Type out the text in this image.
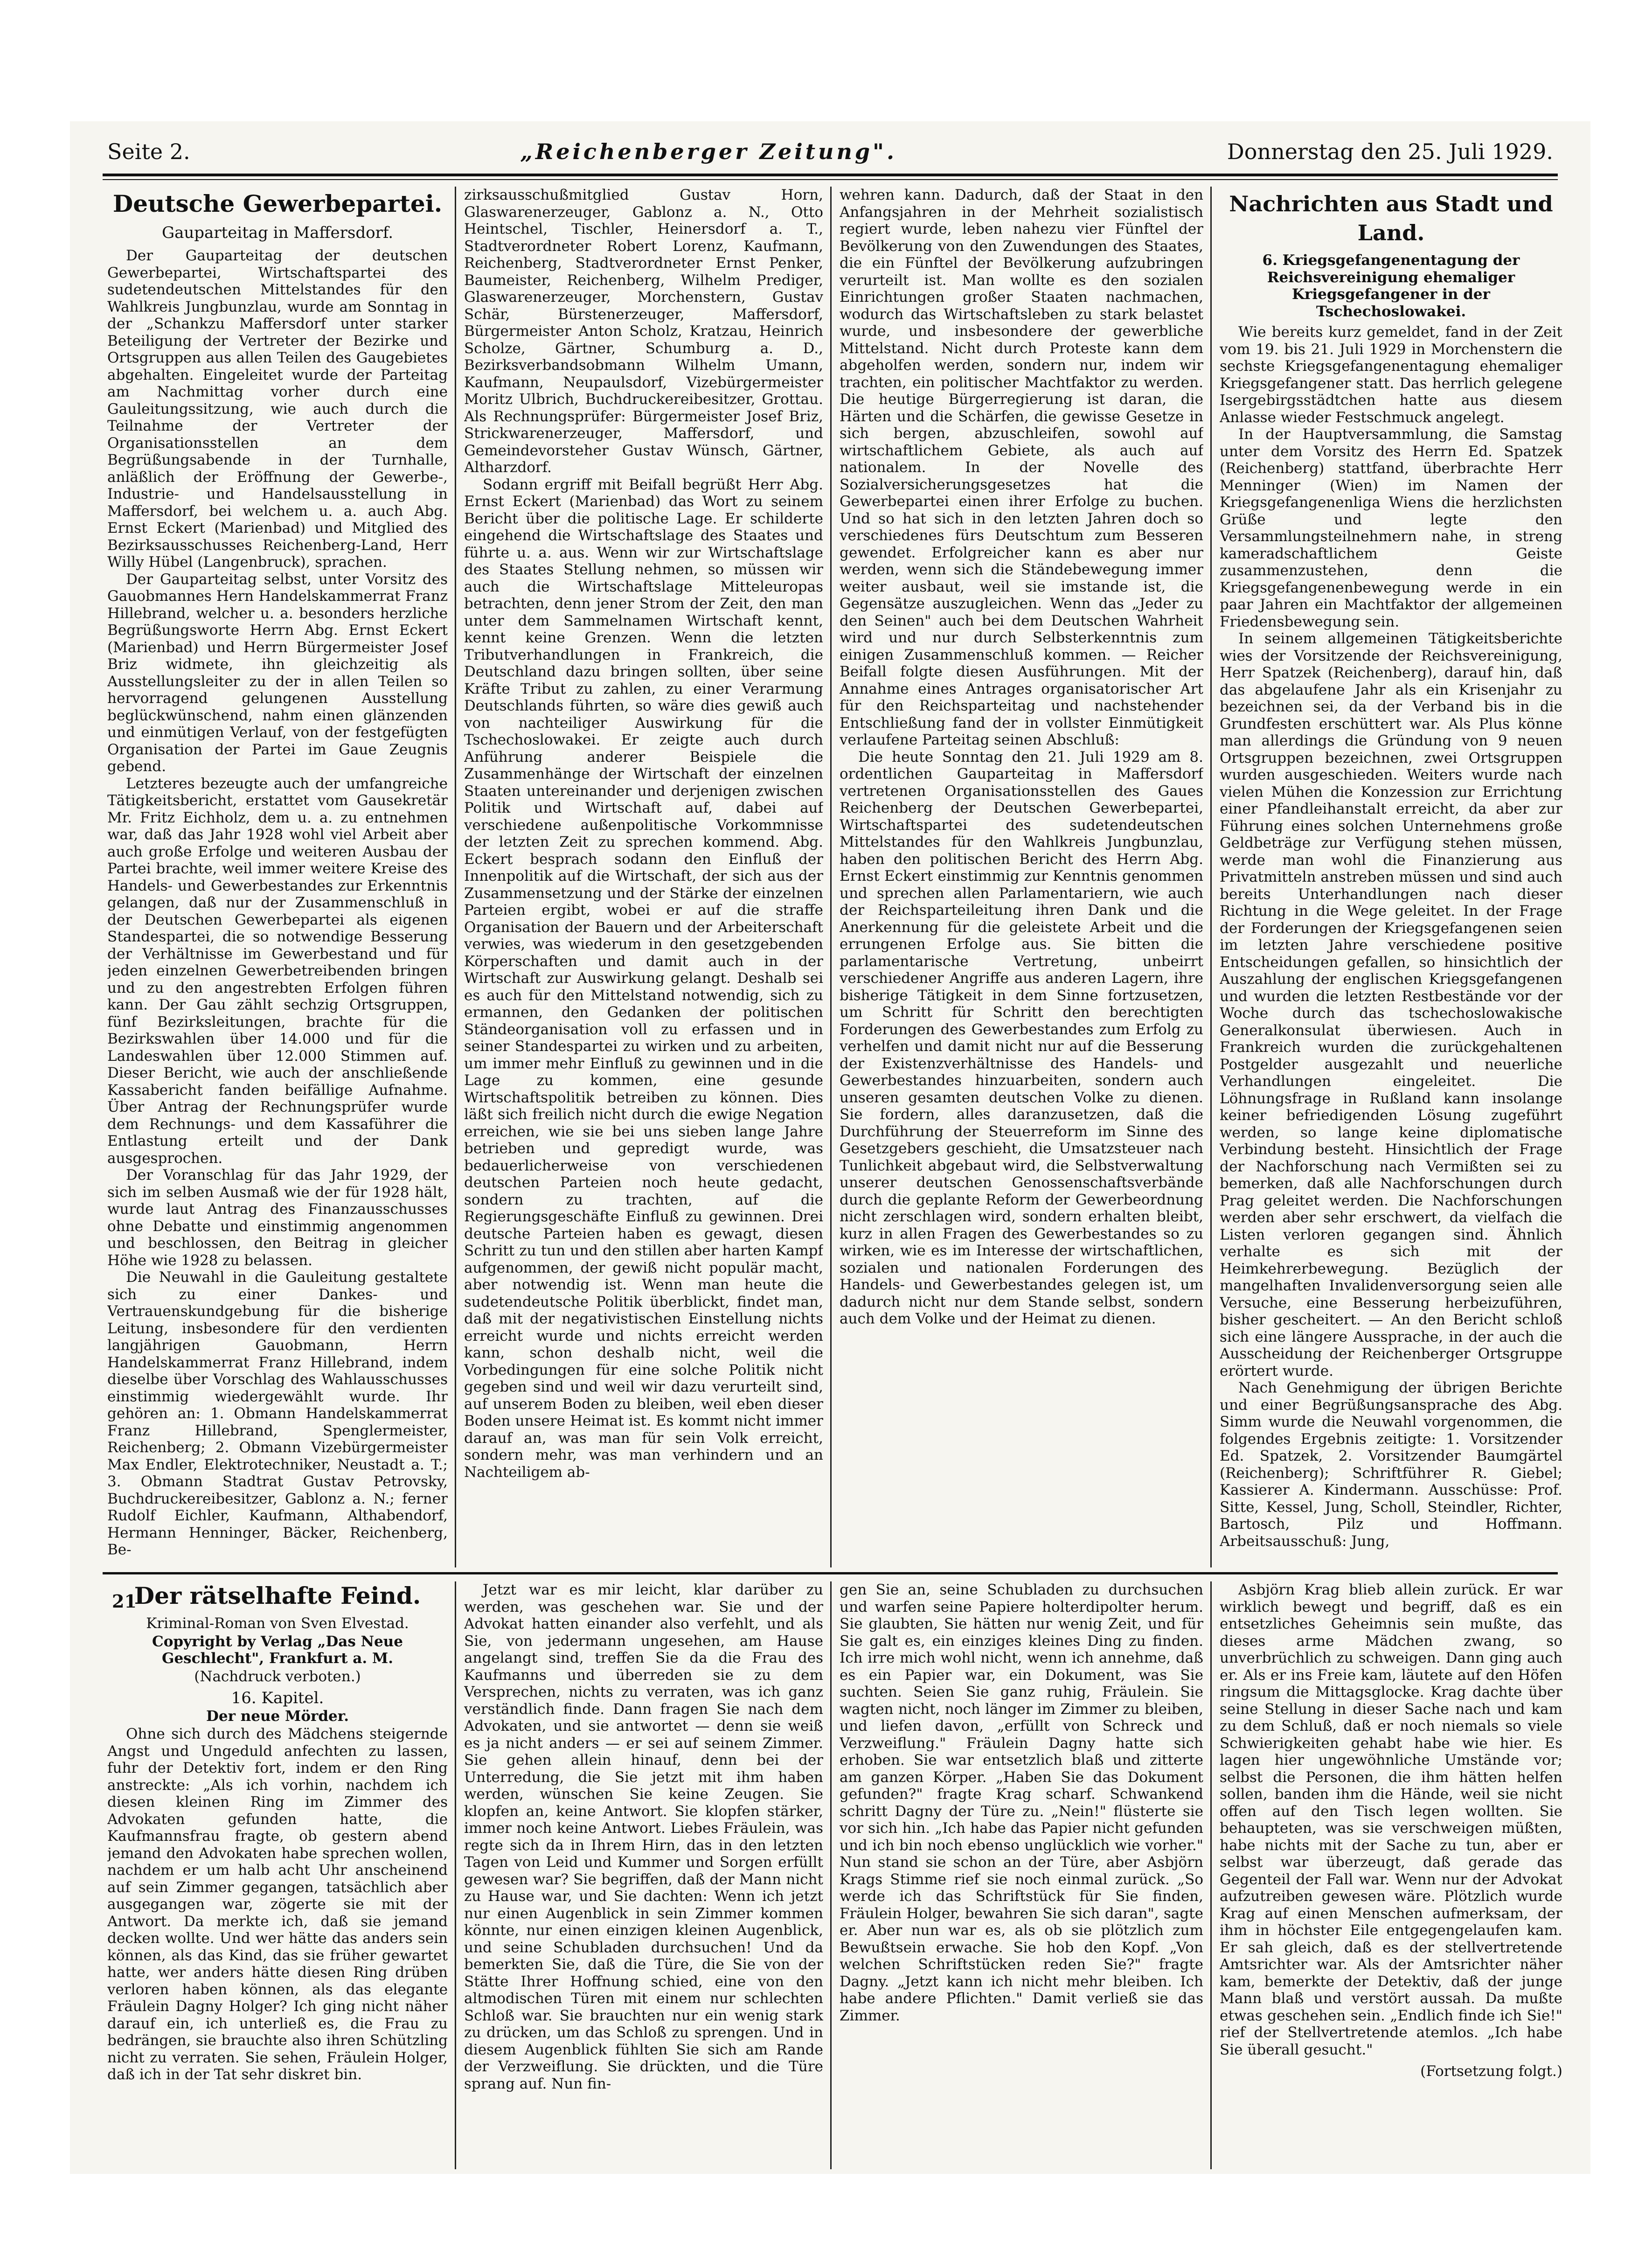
Seite 2.	„Reichenberger Zeitung".	Donnerstag den 25. Juli 1929.
Deutsche Gewerbepartei.
Gauparteitag in Maffersdorf.

Der Gauparteitag der deutschen Gewerbepartei, Wirtschaftspartei des sudetendeutschen Mittelstandes für den Wahlkreis Jungbunzlau, wurde am Sonntag in der „Schankzu Maffersdorf unter starker Beteiligung der Vertreter der Bezirke und Ortsgruppen aus allen Teilen des Gaugebietes abgehalten. Eingeleitet wurde der Parteitag am Nachmittag vorher durch eine Gauleitungssitzung, wie auch durch die Teilnahme der Vertreter der Organisationsstellen an dem Begrüßungsabende in der Turnhalle, anläßlich der Eröffnung der Gewerbe-, Industrie- und Handelsausstellung in Maffersdorf, bei welchem u. a. auch Abg. Ernst Eckert (Marienbad) und Mitglied des Bezirksausschusses Reichenberg-Land, Herr Willy Hübel (Langenbruck), sprachen.

Der Gauparteitag selbst, unter Vorsitz des Gauobmannes Hern Handelskammerrat Franz Hillebrand, welcher u. a. besonders herzliche Begrüßungsworte Herrn Abg. Ernst Eckert (Marienbad) und Herrn Bürgermeister Josef Briz widmete, ihn gleichzeitig als Ausstellungsleiter zu der in allen Teilen so hervorragend gelungenen Ausstellung beglückwünschend, nahm einen glänzenden und einmütigen Verlauf, von der festgefügten Organisation der Partei im Gaue Zeugnis gebend.

Letzteres bezeugte auch der umfangreiche Tätigkeitsbericht, erstattet vom Gausekretär Mr. Fritz Eichholz, dem u. a. zu entnehmen war, daß das Jahr 1928 wohl viel Arbeit aber auch große Erfolge und weiteren Ausbau der Partei brachte, weil immer weitere Kreise des Handels- und Gewerbestandes zur Erkenntnis gelangen, daß nur der Zusammenschluß in der Deutschen Gewerbepartei als eigenen Standespartei, die so notwendige Besserung der Verhältnisse im Gewerbestand und für jeden einzelnen Gewerbetreibenden bringen und zu den angestrebten Erfolgen führen kann. Der Gau zählt sechzig Ortsgruppen, fünf Bezirksleitungen, brachte für die Bezirkswahlen über 14.000 und für die Landeswahlen über 12.000 Stimmen auf. Dieser Bericht, wie auch der anschließende Kassabericht fanden beifällige Aufnahme. Über Antrag der Rechnungsprüfer wurde dem Rechnungs- und dem Kassaführer die Entlastung erteilt und der Dank ausgesprochen.

Der Voranschlag für das Jahr 1929, der sich im selben Ausmaß wie der für 1928 hält, wurde laut Antrag des Finanzausschusses ohne Debatte und einstimmig angenommen und beschlossen, den Beitrag in gleicher Höhe wie 1928 zu belassen.

Die Neuwahl in die Gauleitung gestaltete sich zu einer Dankes- und Vertrauenskundgebung für die bisherige Leitung, insbesondere für den verdienten langjährigen Gauobmann, Herrn Handelskammerrat Franz Hillebrand, indem dieselbe über Vorschlag des Wahlausschusses einstimmig wiedergewählt wurde. Ihr gehören an: 1. Obmann Handelskammerrat Franz Hillebrand, Spenglermeister, Reichenberg; 2. Obmann Vizebürgermeister Max Endler, Elektrotechniker, Neustadt a. T.; 3. Obmann Stadtrat Gustav Petrovsky, Buchdruckereibesitzer, Gablonz a. N.; ferner Rudolf Eichler, Kaufmann, Althabendorf, Hermann Henninger, Bäcker, Reichenberg, Be-

zirksausschußmitglied Gustav Horn, Glaswarenerzeuger, Gablonz a. N., Otto Heintschel, Tischler, Heinersdorf a. T., Stadtverordneter Robert Lorenz, Kaufmann, Reichenberg, Stadtverordneter Ernst Penker, Baumeister, Reichenberg, Wilhelm Prediger, Glaswarenerzeuger, Morchenstern, Gustav Schär, Bürstenerzeuger, Maffersdorf, Bürgermeister Anton Scholz, Kratzau, Heinrich Scholze, Gärtner, Schumburg a. D., Bezirksverbandsobmann Wilhelm Umann, Kaufmann, Neupaulsdorf, Vizebürgermeister Moritz Ulbrich, Buchdruckereibesitzer, Grottau. Als Rechnungsprüfer: Bürgermeister Josef Briz, Strickwarenerzeuger, Maffersdorf, und Gemeindevorsteher Gustav Wünsch, Gärtner, Altharzdorf.

Sodann ergriff mit Beifall begrüßt Herr Abg. Ernst Eckert (Marienbad) das Wort zu seinem Bericht über die politische Lage. Er schilderte eingehend die Wirtschaftslage des Staates und führte u. a. aus. Wenn wir zur Wirtschaftslage des Staates Stellung nehmen, so müssen wir auch die Wirtschaftslage Mitteleuropas betrachten, denn jener Strom der Zeit, den man unter dem Sammelnamen Wirtschaft kennt, kennt keine Grenzen. Wenn die letzten Tributverhandlungen in Frankreich, die Deutschland dazu bringen sollten, über seine Kräfte Tribut zu zahlen, zu einer Verarmung Deutschlands führten, so wäre dies gewiß auch von nachteiliger Auswirkung für die Tschechoslowakei. Er zeigte auch durch Anführung anderer Beispiele die Zusammenhänge der Wirtschaft der einzelnen Staaten untereinander und derjenigen zwischen Politik und Wirtschaft auf, dabei auf verschiedene außenpolitische Vorkommnisse der letzten Zeit zu sprechen kommend. Abg. Eckert besprach sodann den Einfluß der Innenpolitik auf die Wirtschaft, der sich aus der Zusammensetzung und der Stärke der einzelnen Parteien ergibt, wobei er auf die straffe Organisation der Bauern und der Arbeiterschaft verwies, was wiederum in den gesetzgebenden Körperschaften und damit auch in der Wirtschaft zur Auswirkung gelangt. Deshalb sei es auch für den Mittelstand notwendig, sich zu ermannen, den Gedanken der politischen Ständeorganisation voll zu erfassen und in seiner Standespartei zu wirken und zu arbeiten, um immer mehr Einfluß zu gewinnen und in die Lage zu kommen, eine gesunde Wirtschaftspolitik betreiben zu können. Dies läßt sich freilich nicht durch die ewige Negation erreichen, wie sie bei uns sieben lange Jahre betrieben und gepredigt wurde, was bedauerlicherweise von verschiedenen deutschen Parteien noch heute gedacht, sondern zu trachten, auf die Regierungsgeschäfte Einfluß zu gewinnen. Drei deutsche Parteien haben es gewagt, diesen Schritt zu tun und den stillen aber harten Kampf aufgenommen, der gewiß nicht populär macht, aber notwendig ist. Wenn man heute die sudetendeutsche Politik überblickt, findet man, daß mit der negativistischen Einstellung nichts erreicht wurde und nichts erreicht werden kann, schon deshalb nicht, weil die Vorbedingungen für eine solche Politik nicht gegeben sind und weil wir dazu verurteilt sind, auf unserem Boden zu bleiben, weil eben dieser Boden unsere Heimat ist. Es kommt nicht immer darauf an, was man für sein Volk erreicht, sondern mehr, was man verhindern und an Nachteiligem ab-

wehren kann. Dadurch, daß der Staat in den Anfangsjahren in der Mehrheit sozialistisch regiert wurde, leben nahezu vier Fünftel der Bevölkerung von den Zuwendungen des Staates, die ein Fünftel der Bevölkerung aufzubringen verurteilt ist. Man wollte es den sozialen Einrichtungen großer Staaten nachmachen, wodurch das Wirtschaftsleben zu stark belastet wurde, und insbesondere der gewerbliche Mittelstand. Nicht durch Proteste kann dem abgeholfen werden, sondern nur, indem wir trachten, ein politischer Machtfaktor zu werden. Die heutige Bürgerregierung ist daran, die Härten und die Schärfen, die gewisse Gesetze in sich bergen, abzuschleifen, sowohl auf wirtschaftlichem Gebiete, als auch auf nationalem. In der Novelle des Sozialversicherungsgesetzes hat die Gewerbepartei einen ihrer Erfolge zu buchen. Und so hat sich in den letzten Jahren doch so verschiedenes fürs Deutschtum zum Besseren gewendet. Erfolgreicher kann es aber nur werden, wenn sich die Ständebewegung immer weiter ausbaut, weil sie imstande ist, die Gegensätze auszugleichen. Wenn das „Jeder zu den Seinen" auch bei dem Deutschen Wahrheit wird und nur durch Selbsterkenntnis zum einigen Zusammenschluß kommen. — Reicher Beifall folgte diesen Ausführungen. Mit der Annahme eines Antrages organisatorischer Art für den Reichsparteitag und nachstehender Entschließung fand der in vollster Einmütigkeit verlaufene Parteitag seinen Abschluß:

Die heute Sonntag den 21. Juli 1929 am 8. ordentlichen Gauparteitag in Maffersdorf vertretenen Organisationsstellen des Gaues Reichenberg der Deutschen Gewerbepartei, Wirtschaftspartei des sudetendeutschen Mittelstandes für den Wahlkreis Jungbunzlau, haben den politischen Bericht des Herrn Abg. Ernst Eckert einstimmig zur Kenntnis genommen und sprechen allen Parlamentariern, wie auch der Reichsparteileitung ihren Dank und die Anerkennung für die geleistete Arbeit und die errungenen Erfolge aus. Sie bitten die parlamentarische Vertretung, unbeirrt verschiedener Angriffe aus anderen Lagern, ihre bisherige Tätigkeit in dem Sinne fortzusetzen, um Schritt für Schritt den berechtigten Forderungen des Gewerbestandes zum Erfolg zu verhelfen und damit nicht nur auf die Besserung der Existenzverhältnisse des Handels- und Gewerbestandes hinzuarbeiten, sondern auch unseren gesamten deutschen Volke zu dienen. Sie fordern, alles daranzusetzen, daß die Durchführung der Steuerreform im Sinne des Gesetzgebers geschieht, die Umsatzsteuer nach Tunlichkeit abgebaut wird, die Selbstverwaltung unserer deutschen Genossenschaftsverbände durch die geplante Reform der Gewerbeordnung nicht zerschlagen wird, sondern erhalten bleibt, kurz in allen Fragen des Gewerbestandes so zu wirken, wie es im Interesse der wirtschaftlichen, sozialen und nationalen Forderungen des Handels- und Gewerbestandes gelegen ist, um dadurch nicht nur dem Stande selbst, sondern auch dem Volke und der Heimat zu dienen.

Nachrichten aus Stadt und Land.
6. Kriegsgefangenentagung der Reichsvereinigung ehemaliger Kriegsgefangener in der Tschechoslowakei.

Wie bereits kurz gemeldet, fand in der Zeit vom 19. bis 21. Juli 1929 in Morchenstern die sechste Kriegsgefangenentagung ehemaliger Kriegsgefangener statt. Das herrlich gelegene Isergebirgsstädtchen hatte aus diesem Anlasse wieder Festschmuck angelegt.

In der Hauptversammlung, die Samstag unter dem Vorsitz des Herrn Ed. Spatzek (Reichenberg) stattfand, überbrachte Herr Menninger (Wien) im Namen der Kriegsgefangenenliga Wiens die herzlichsten Grüße und legte den Versammlungsteilnehmern nahe, in streng kameradschaftlichem Geiste zusammenzustehen, denn die Kriegsgefangenenbewegung werde in ein paar Jahren ein Machtfaktor der allgemeinen Friedensbewegung sein.

In seinem allgemeinen Tätigkeitsberichte wies der Vorsitzende der Reichsvereinigung, Herr Spatzek (Reichenberg), darauf hin, daß das abgelaufene Jahr als ein Krisenjahr zu bezeichnen sei, da der Verband bis in die Grundfesten erschüttert war. Als Plus könne man allerdings die Gründung von 9 neuen Ortsgruppen bezeichnen, zwei Ortsgruppen wurden ausgeschieden. Weiters wurde nach vielen Mühen die Konzession zur Errichtung einer Pfandleihanstalt erreicht, da aber zur Führung eines solchen Unternehmens große Geldbeträge zur Verfügung stehen müssen, werde man wohl die Finanzierung aus Privatmitteln anstreben müssen und sind auch bereits Unterhandlungen nach dieser Richtung in die Wege geleitet. In der Frage der Forderungen der Kriegsgefangenen seien im letzten Jahre verschiedene positive Entscheidungen gefallen, so hinsichtlich der Auszahlung der englischen Kriegsgefangenen und wurden die letzten Restbestände vor der Woche durch das tschechoslowakische Generalkonsulat überwiesen. Auch in Frankreich wurden die zurückgehaltenen Postgelder ausgezahlt und neuerliche Verhandlungen eingeleitet. Die Löhnungsfrage in Rußland kann insolange keiner befriedigenden Lösung zugeführt werden, so lange keine diplomatische Verbindung besteht. Hinsichtlich der Frage der Nachforschung nach Vermißten sei zu bemerken, daß alle Nachforschungen durch Prag geleitet werden. Die Nachforschungen werden aber sehr erschwert, da vielfach die Listen verloren gegangen sind. Ähnlich verhalte es sich mit der Heimkehrerbewegung. Bezüglich der mangelhaften Invalidenversorgung seien alle Versuche, eine Besserung herbeizuführen, bisher gescheitert. — An den Bericht schloß sich eine längere Aussprache, in der auch die Ausscheidung der Reichenberger Ortsgruppe erörtert wurde.

Nach Genehmigung der übrigen Berichte und einer Begrüßungsansprache des Abg. Simm wurde die Neuwahl vorgenommen, die folgendes Ergebnis zeitigte: 1. Vorsitzender Ed. Spatzek, 2. Vorsitzender Baumgärtel (Reichenberg); Schriftführer R. Giebel; Kassierer A. Kindermann. Ausschüsse: Prof. Sitte, Kessel, Jung, Scholl, Steindler, Richter, Bartosch, Pilz und Hoffmann. Arbeitsausschuß: Jung,

21
Der rätselhafte Feind.
Kriminal-Roman von Sven Elvestad.
Copyright by Verlag „Das Neue Geschlecht", Frankfurt a. M.
(Nachdruck verboten.)
16. Kapitel.
Der neue Mörder.

Ohne sich durch des Mädchens steigernde Angst und Ungeduld anfechten zu lassen, fuhr der Detektiv fort, indem er den Ring anstreckte: „Als ich vorhin, nachdem ich diesen kleinen Ring im Zimmer des Advokaten gefunden hatte, die Kaufmannsfrau fragte, ob gestern abend jemand den Advokaten habe sprechen wollen, nachdem er um halb acht Uhr anscheinend auf sein Zimmer gegangen, tatsächlich aber ausgegangen war, zögerte sie mit der Antwort. Da merkte ich, daß sie jemand decken wollte. Und wer hätte das anders sein können, als das Kind, das sie früher gewartet hatte, wer anders hätte diesen Ring drüben verloren haben können, als das elegante Fräulein Dagny Holger? Ich ging nicht näher darauf ein, ich unterließ es, die Frau zu bedrängen, sie brauchte also ihren Schützling nicht zu verraten. Sie sehen, Fräulein Holger, daß ich in der Tat sehr diskret bin.

Jetzt war es mir leicht, klar darüber zu werden, was geschehen war. Sie und der Advokat hatten einander also verfehlt, und als Sie, von jedermann ungesehen, am Hause angelangt sind, treffen Sie da die Frau des Kaufmanns und überreden sie zu dem Versprechen, nichts zu verraten, was ich ganz verständlich finde. Dann fragen Sie nach dem Advokaten, und sie antwortet — denn sie weiß es ja nicht anders — er sei auf seinem Zimmer. Sie gehen allein hinauf, denn bei der Unterredung, die Sie jetzt mit ihm haben werden, wünschen Sie keine Zeugen. Sie klopfen an, keine Antwort. Sie klopfen stärker, immer noch keine Antwort. Liebes Fräulein, was regte sich da in Ihrem Hirn, das in den letzten Tagen von Leid und Kummer und Sorgen erfüllt gewesen war? Sie begriffen, daß der Mann nicht zu Hause war, und Sie dachten: Wenn ich jetzt nur einen Augenblick in sein Zimmer kommen könnte, nur einen einzigen kleinen Augenblick, und seine Schubladen durchsuchen! Und da bemerkten Sie, daß die Türe, die Sie von der Stätte Ihrer Hoffnung schied, eine von den altmodischen Türen mit einem nur schlechten Schloß war. Sie brauchten nur ein wenig stark zu drücken, um das Schloß zu sprengen. Und in diesem Augenblick fühlten Sie sich am Rande der Verzweiflung. Sie drückten, und die Türe sprang auf. Nun fin-

gen Sie an, seine Schubladen zu durchsuchen und warfen seine Papiere holterdipolter herum. Sie glaubten, Sie hätten nur wenig Zeit, und für Sie galt es, ein einziges kleines Ding zu finden. Ich irre mich wohl nicht, wenn ich annehme, daß es ein Papier war, ein Dokument, was Sie suchten. Seien Sie ganz ruhig, Fräulein. Sie wagten nicht, noch länger im Zimmer zu bleiben, und liefen davon, „erfüllt von Schreck und Verzweiflung." Fräulein Dagny hatte sich erhoben. Sie war entsetzlich blaß und zitterte am ganzen Körper. „Haben Sie das Dokument gefunden?" fragte Krag scharf. Schwankend schritt Dagny der Türe zu. „Nein!" flüsterte sie vor sich hin. „Ich habe das Papier nicht gefunden und ich bin noch ebenso unglücklich wie vorher." Nun stand sie schon an der Türe, aber Asbjörn Krags Stimme rief sie noch einmal zurück. „So werde ich das Schriftstück für Sie finden, Fräulein Holger, bewahren Sie sich daran", sagte er. Aber nun war es, als ob sie plötzlich zum Bewußtsein erwache. Sie hob den Kopf. „Von welchen Schriftstücken reden Sie?" fragte Dagny. „Jetzt kann ich nicht mehr bleiben. Ich habe andere Pflichten." Damit verließ sie das Zimmer.

Asbjörn Krag blieb allein zurück. Er war wirklich bewegt und begriff, daß es ein entsetzliches Geheimnis sein mußte, das dieses arme Mädchen zwang, so unverbrüchlich zu schweigen. Dann ging auch er. Als er ins Freie kam, läutete auf den Höfen ringsum die Mittagsglocke. Krag dachte über seine Stellung in dieser Sache nach und kam zu dem Schluß, daß er noch niemals so viele Schwierigkeiten gehabt habe wie hier. Es lagen hier ungewöhnliche Umstände vor; selbst die Personen, die ihm hätten helfen sollen, banden ihm die Hände, weil sie nicht offen auf den Tisch legen wollten. Sie behaupteten, was sie verschweigen müßten, habe nichts mit der Sache zu tun, aber er selbst war überzeugt, daß gerade das Gegenteil der Fall war. Wenn nur der Advokat aufzutreiben gewesen wäre. Plötzlich wurde Krag auf einen Menschen aufmerksam, der ihm in höchster Eile entgegengelaufen kam. Er sah gleich, daß es der stellvertretende Amtsrichter war. Als der Amtsrichter näher kam, bemerkte der Detektiv, daß der junge Mann blaß und verstört aussah. Da mußte etwas geschehen sein. „Endlich finde ich Sie!" rief der Stellvertretende atemlos. „Ich habe Sie überall gesucht."

(Fortsetzung folgt.)
